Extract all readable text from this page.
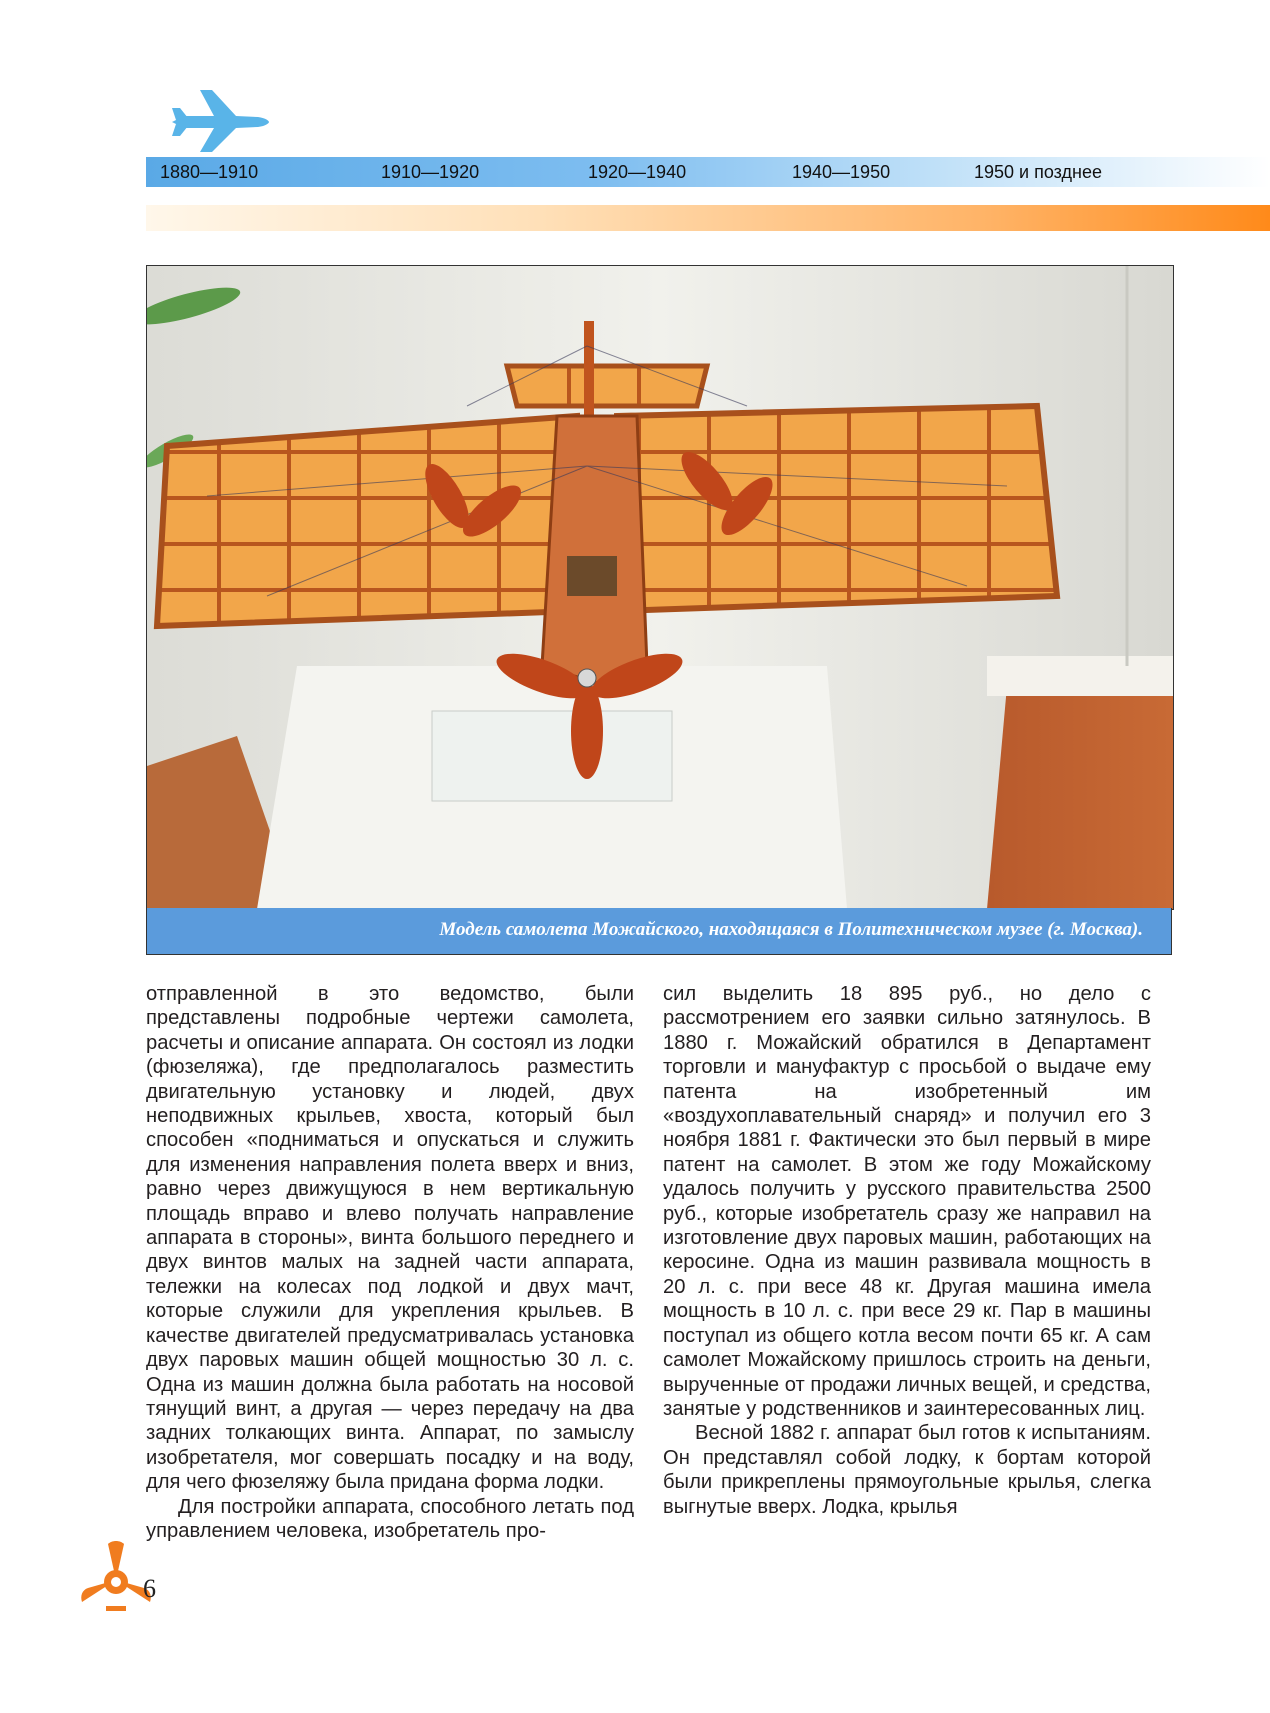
1880—1910	1910—1920	1920—1940	1940—1950	1950 и позднее
Модель самолета Можайского, находящаяся в Политехническом музее (г. Москва).

отправленной в это ведомство, были представлены подробные чертежи самолета, расчеты и описание аппарата. Он состоял из лодки (фюзеляжа), где предполагалось разместить двигательную установку и людей, двух неподвижных крыльев, хвоста, который был способен «подниматься и опускаться и служить для изменения направления полета вверх и вниз, равно через движущуюся в нем вертикальную площадь вправо и влево получать направление аппарата в стороны», винта большого переднего и двух винтов малых на задней части аппарата, тележки на колесах под лодкой и двух мачт, которые служили для укрепления крыльев. В качестве двигателей предусматривалась установка двух паровых машин общей мощностью 30 л. с. Одна из машин должна была работать на носовой тянущий винт, а другая — через передачу на два задних толкающих винта. Аппарат, по замыслу изобретателя, мог совершать посадку и на воду, для чего фюзеляжу была придана форма лодки.

Для постройки аппарата, способного летать под управлением человека, изобретатель про-

сил выделить 18 895 руб., но дело с рассмотрением его заявки сильно затянулось. В 1880 г. Можайский обратился в Департамент торговли и мануфактур с просьбой о выдаче ему патента на изобретенный им «воздухоплавательный снаряд» и получил его 3 ноября 1881 г. Фактически это был первый в мире патент на самолет. В этом же году Можайскому удалось получить у русского правительства 2500 руб., которые изобретатель сразу же направил на изготовление двух паровых машин, работающих на керосине. Одна из машин развивала мощность в 20 л. с. при весе 48 кг. Другая машина имела мощность в 10 л. с. при весе 29 кг. Пар в машины поступал из общего котла весом почти 65 кг. А сам самолет Можайскому пришлось строить на деньги, вырученные от продажи личных вещей, и средства, занятые у родственников и заинтересованных лиц.

Весной 1882 г. аппарат был готов к испытаниям. Он представлял собой лодку, к бортам которой были прикреплены прямоугольные крылья, слегка выгнутые вверх. Лодка, крылья

6
